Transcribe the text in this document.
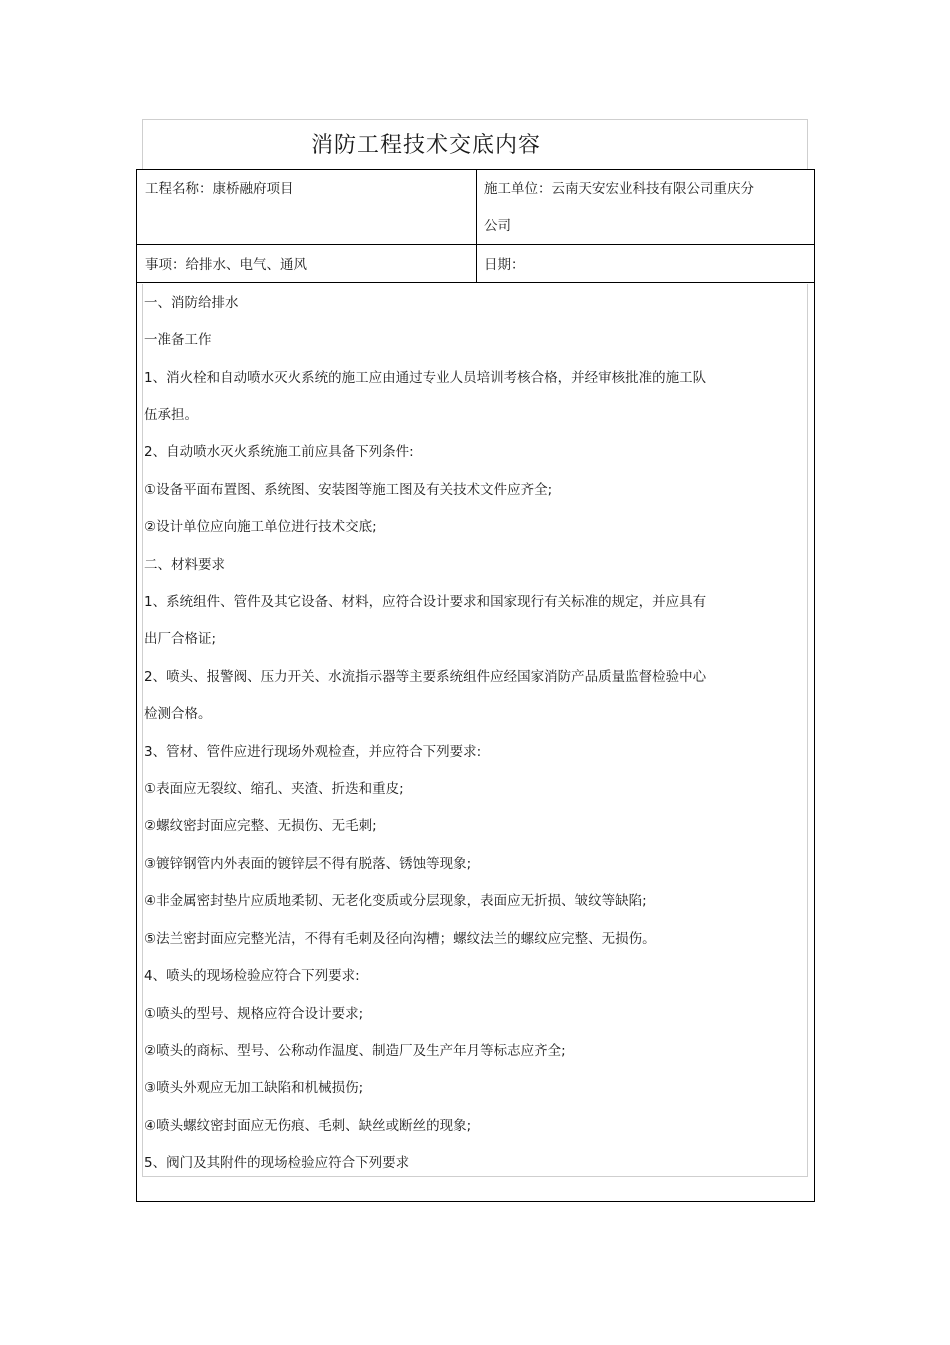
消防工程技术交底内容
工程名称：康桥融府项目	施工单位：云南天安宏业科技有限公司重庆分
公司
事项：给排水、电气、通风	日期：
一、消防给排水
一准备工作
1、消火栓和自动喷水灭火系统的施工应由通过专业人员培训考核合格，并经审核批准的施工队
伍承担。
2、自动喷水灭火系统施工前应具备下列条件:
①设备平面布置图、系统图、安装图等施工图及有关技术文件应齐全;
②设计单位应向施工单位进行技术交底;
二、材料要求
1、系统组件、管件及其它设备、材料，应符合设计要求和国家现行有关标准的规定，并应具有
出厂合格证;
2、喷头、报警阀、压力开关、水流指示器等主要系统组件应经国家消防产品质量监督检验中心
检测合格。
3、管材、管件应进行现场外观检查，并应符合下列要求:
①表面应无裂纹、缩孔、夹渣、折迭和重皮;
②螺纹密封面应完整、无损伤、无毛刺;
③镀锌钢管内外表面的镀锌层不得有脱落、锈蚀等现象;
④非金属密封垫片应质地柔韧、无老化变质或分层现象，表面应无折损、皱纹等缺陷;
⑤法兰密封面应完整光洁，不得有毛刺及径向沟槽；螺纹法兰的螺纹应完整、无损伤。
4、喷头的现场检验应符合下列要求:
①喷头的型号、规格应符合设计要求;
②喷头的商标、型号、公称动作温度、制造厂及生产年月等标志应齐全;
③喷头外观应无加工缺陷和机械损伤;
④喷头螺纹密封面应无伤痕、毛刺、缺丝或断丝的现象;
5、阀门及其附件的现场检验应符合下列要求
